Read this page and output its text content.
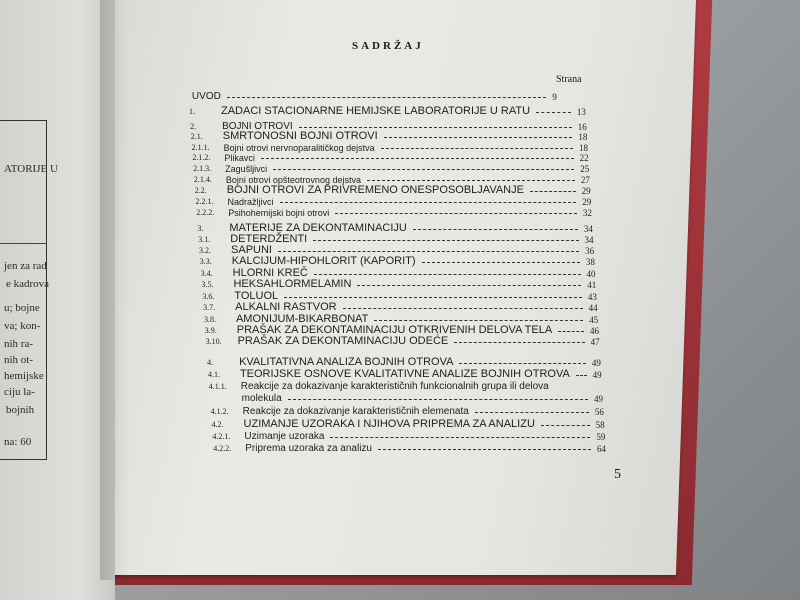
ATORIJE U
jen za rad
e kadrova
u; bojne
va; kon-
nih ra-
nih ot-
hemijske
ciju la-
bojnih
na: 60
SADRŽAJ
Strana
UVOD	9
1. ZADACI STACIONARNE HEMIJSKE LABORATORIJE U RATU	13
2.	BOJNI OTROVI	16
2.1. SMRTONOSNI BOJNI OTROVI	18
2.1.1. Bojni otrovi nervnoparalitičkog dejstva	18
2.1.2. Plikavci	22
2.1.3. Zagušljivci	25
2.1.4. Bojni otrovi opšteotrovnog dejstva	27
2.2. BOJNI OTROVI ZA PRIVREMENO ONESPOSOBLJAVANJE	29
2.2.1. Nadražljivci	29
2.2.2. Psihohemijski bojni otrovi	32
3. MATERIJE ZA DEKONTAMINACIJU	34
3.1. DETERDŽENTI	34
3.2. SAPUNI	36
3.3. KALCIJUM-HIPOHLORIT (KAPORIT)	38
3.4. HLORNI KREČ	40
3.5. HEKSAHLORMELAMIN	41
3.6. TOLUOL	43
3.7. ALKALNI RASTVOR	44
3.8. AMONIJUM-BIKARBONAT	45
3.9. PRAŠAK ZA DEKONTAMINACIJU OTKRIVENIH DELOVA TELA	46
3.10. PRAŠAK ZA DEKONTAMINACIJU ODEĆE	47
4. KVALITATIVNA ANALIZA BOJNIH OTROVA	49
4.1. TEORIJSKE OSNOVE KVALITATIVNE ANALIZE BOJNIH OTROVA	49
4.1.1. Reakcije za dokazivanje karakterističnih funkcionalnih grupa ili delova
molekula	49
4.1.2. Reakcije za dokazivanje karakterističnih elemenata	56
4.2. UZIMANJE UZORAKA I NJIHOVA PRIPREMA ZA ANALIZU	58
4.2.1. Uzimanje uzoraka	59
4.2.2. Priprema uzoraka za analizu	64
5
